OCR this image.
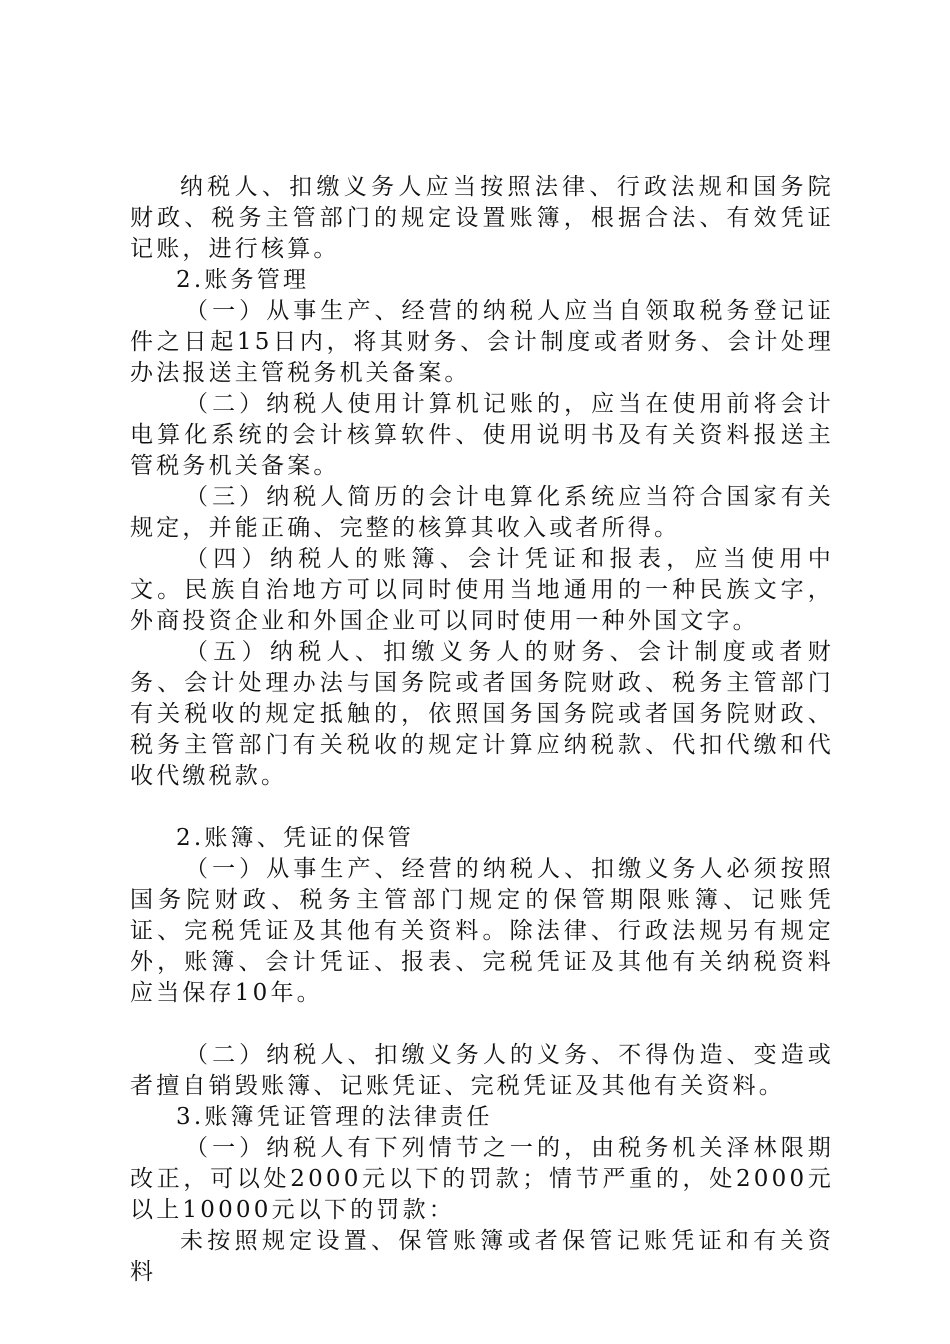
纳税人、扣缴义务人应当按照法律、行政法规和国务院财政、税务主管部门的规定设置账簿，根据合法、有效凭证记账，进行核算。

2.账务管理

（一）从事生产、经营的纳税人应当自领取税务登记证件之日起15日内，将其财务、会计制度或者财务、会计处理办法报送主管税务机关备案。

（二）纳税人使用计算机记账的，应当在使用前将会计电算化系统的会计核算软件、使用说明书及有关资料报送主管税务机关备案。

（三）纳税人简历的会计电算化系统应当符合国家有关规定，并能正确、完整的核算其收入或者所得。

（四）纳税人的账簿、会计凭证和报表，应当使用中文。民族自治地方可以同时使用当地通用的一种民族文字，外商投资企业和外国企业可以同时使用一种外国文字。

（五）纳税人、扣缴义务人的财务、会计制度或者财务、会计处理办法与国务院或者国务院财政、税务主管部门有关税收的规定抵触的，依照国务国务院或者国务院财政、税务主管部门有关税收的规定计算应纳税款、代扣代缴和代收代缴税款。

2.账簿、凭证的保管

（一）从事生产、经营的纳税人、扣缴义务人必须按照国务院财政、税务主管部门规定的保管期限账簿、记账凭证、完税凭证及其他有关资料。除法律、行政法规另有规定外，账簿、会计凭证、报表、完税凭证及其他有关纳税资料应当保存10年。

（二）纳税人、扣缴义务人的义务、不得伪造、变造或者擅自销毁账簿、记账凭证、完税凭证及其他有关资料。

3.账簿凭证管理的法律责任

（一）纳税人有下列情节之一的，由税务机关泽林限期改正，可以处2000元以下的罚款；情节严重的，处2000元以上10000元以下的罚款：

未按照规定设置、保管账簿或者保管记账凭证和有关资料
